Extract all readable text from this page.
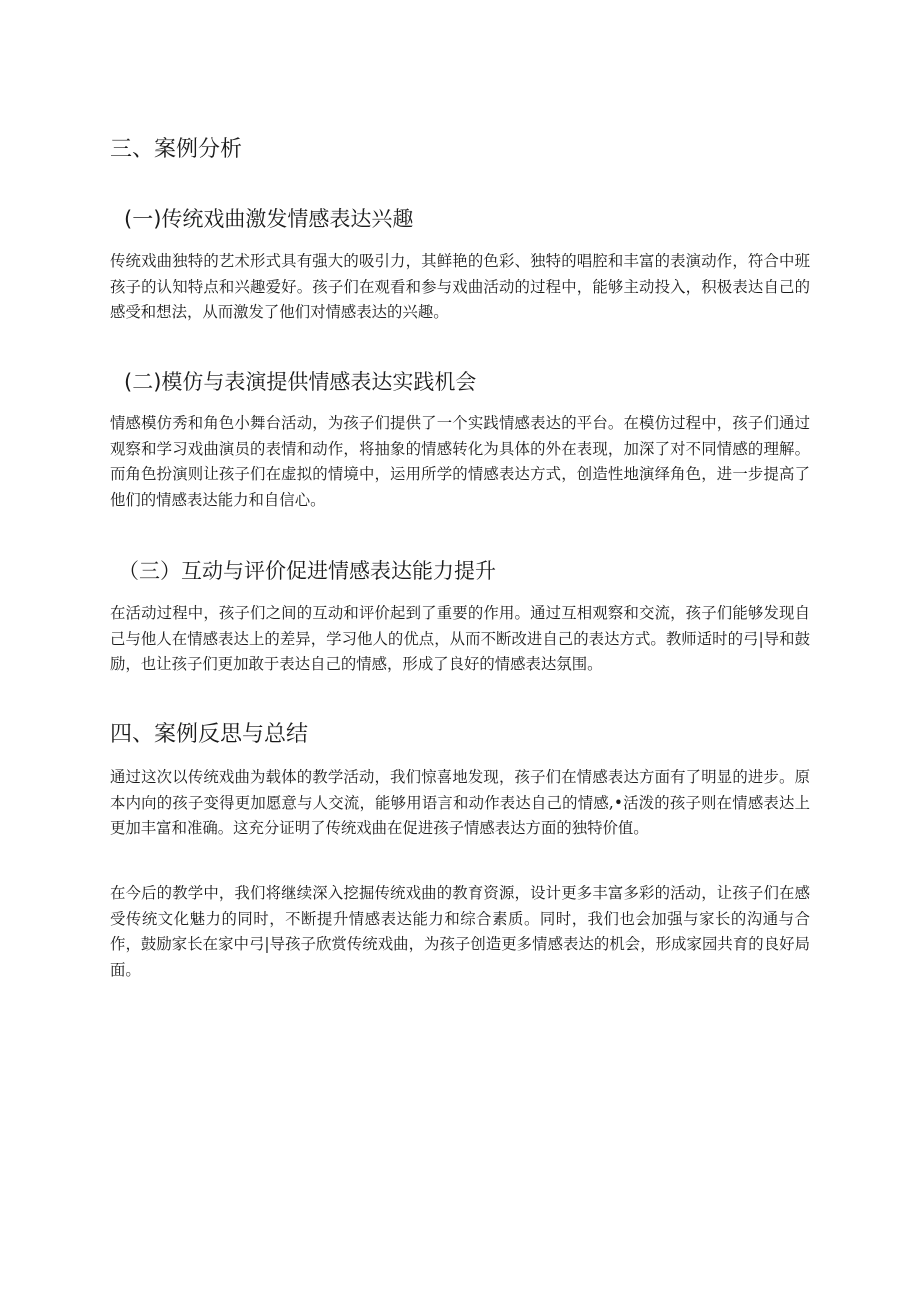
三、案例分析
(一)传统戏曲激发情感表达兴趣

传统戏曲独特的艺术形式具有强大的吸引力，其鲜艳的色彩、独特的唱腔和丰富的表演动作，符合中班孩子的认知特点和兴趣爱好。孩子们在观看和参与戏曲活动的过程中，能够主动投入，积极表达自己的感受和想法，从而激发了他们对情感表达的兴趣。

(二)模仿与表演提供情感表达实践机会

情感模仿秀和角色小舞台活动，为孩子们提供了一个实践情感表达的平台。在模仿过程中，孩子们通过观察和学习戏曲演员的表情和动作，将抽象的情感转化为具体的外在表现，加深了对不同情感的理解。而角色扮演则让孩子们在虚拟的情境中，运用所学的情感表达方式，创造性地演绎角色，进一步提高了他们的情感表达能力和自信心。

（三）互动与评价促进情感表达能力提升

在活动过程中，孩子们之间的互动和评价起到了重要的作用。通过互相观察和交流，孩子们能够发现自己与他人在情感表达上的差异，学习他人的优点，从而不断改进自己的表达方式。教师适时的弓|导和鼓励，也让孩子们更加敢于表达自己的情感，形成了良好的情感表达氛围。

四、案例反思与总结

通过这次以传统戏曲为载体的教学活动，我们惊喜地发现，孩子们在情感表达方面有了明显的进步。原本内向的孩子变得更加愿意与人交流，能够用语言和动作表达自己的情感,•活泼的孩子则在情感表达上更加丰富和准确。这充分证明了传统戏曲在促进孩子情感表达方面的独特价值。

在今后的教学中，我们将继续深入挖掘传统戏曲的教育资源，设计更多丰富多彩的活动，让孩子们在感受传统文化魅力的同时，不断提升情感表达能力和综合素质。同时，我们也会加强与家长的沟通与合作，鼓励家长在家中弓|导孩子欣赏传统戏曲，为孩子创造更多情感表达的机会，形成家园共育的良好局面。
